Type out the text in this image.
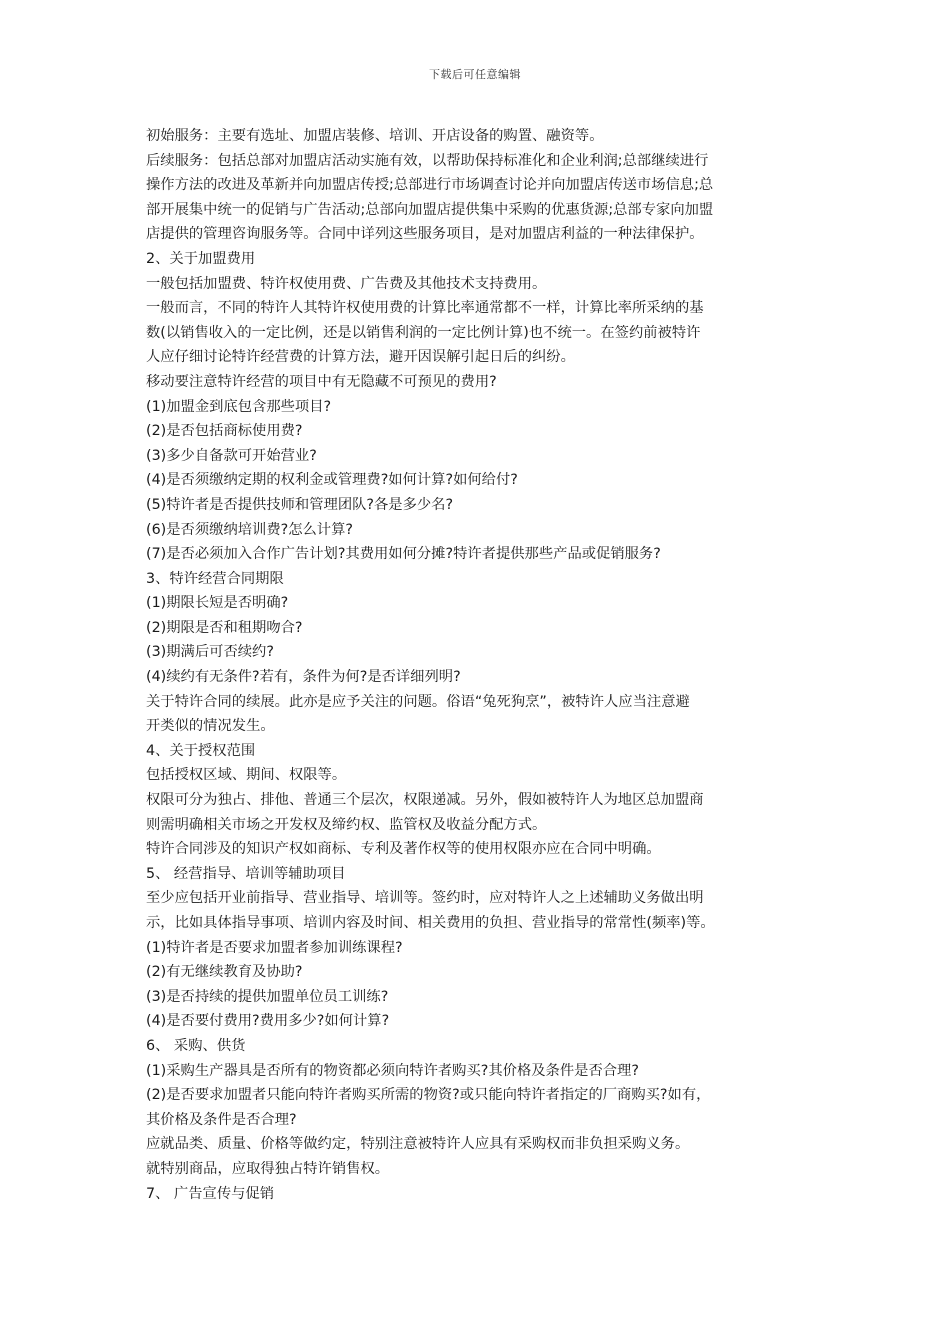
下载后可任意编辑

初始服务：主要有选址、加盟店装修、培训、开店设备的购置、融资等。

后续服务：包括总部对加盟店活动实施有效，以帮助保持标准化和企业利润;总部继续进行

操作方法的改进及革新并向加盟店传授;总部进行市场调查讨论并向加盟店传送市场信息;总

部开展集中统一的促销与广告活动;总部向加盟店提供集中采购的优惠货源;总部专家向加盟

店提供的管理咨询服务等。合同中详列这些服务项目，是对加盟店利益的一种法律保护。

2、关于加盟费用

一般包括加盟费、特许权使用费、广告费及其他技术支持费用。

一般而言，不同的特许人其特许权使用费的计算比率通常都不一样，计算比率所采纳的基

数(以销售收入的一定比例，还是以销售利润的一定比例计算)也不统一。在签约前被特许

人应仔细讨论特许经营费的计算方法，避开因误解引起日后的纠纷。

移动要注意特许经营的项目中有无隐藏不可预见的费用?

(1)加盟金到底包含那些项目?

(2)是否包括商标使用费?

(3)多少自备款可开始营业?

(4)是否须缴纳定期的权利金或管理费?如何计算?如何给付?

(5)特许者是否提供技师和管理团队?各是多少名?

(6)是否须缴纳培训费?怎么计算?

(7)是否必须加入合作广告计划?其费用如何分摊?特许者提供那些产品或促销服务?

3、特许经营合同期限

(1)期限长短是否明确?

(2)期限是否和租期吻合?

(3)期满后可否续约?

(4)续约有无条件?若有，条件为何?是否详细列明?

关于特许合同的续展。此亦是应予关注的问题。俗语“兔死狗烹”，被特许人应当注意避

开类似的情况发生。

4、关于授权范围

包括授权区域、期间、权限等。

权限可分为独占、排他、普通三个层次，权限递减。另外，假如被特许人为地区总加盟商

则需明确相关市场之开发权及缔约权、监管权及收益分配方式。

特许合同涉及的知识产权如商标、专利及著作权等的使用权限亦应在合同中明确。

5、 经营指导、培训等辅助项目

至少应包括开业前指导、营业指导、培训等。签约时，应对特许人之上述辅助义务做出明

示，比如具体指导事项、培训内容及时间、相关费用的负担、营业指导的常常性(频率)等。

(1)特许者是否要求加盟者参加训练课程?

(2)有无继续教育及协助?

(3)是否持续的提供加盟单位员工训练?

(4)是否要付费用?费用多少?如何计算?

6、 采购、供货

(1)采购生产器具是否所有的物资都必须向特许者购买?其价格及条件是否合理?

(2)是否要求加盟者只能向特许者购买所需的物资?或只能向特许者指定的厂商购买?如有，

其价格及条件是否合理?

应就品类、质量、价格等做约定，特别注意被特许人应具有采购权而非负担采购义务。

就特别商品，应取得独占特许销售权。

7、 广告宣传与促销
